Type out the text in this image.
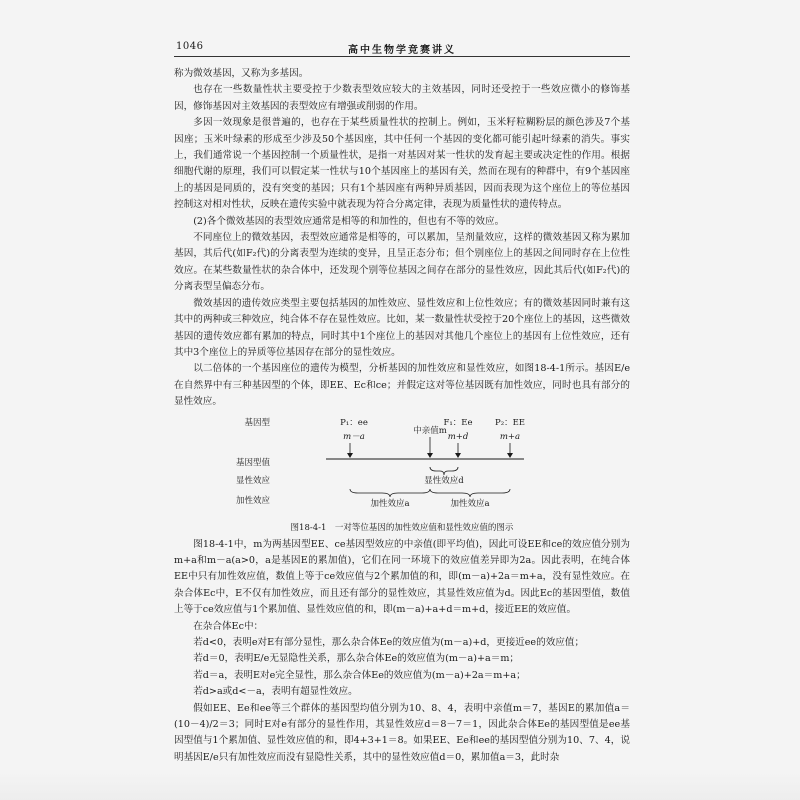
1046	高中生物学竞赛讲义

称为微效基因，又称为多基因。

也存在一些数量性状主要受控于少数表型效应较大的主效基因，同时还受控于一些效应微小的修饰基因，修饰基因对主效基因的表型效应有增强或削弱的作用。

多因一效现象是很普遍的，也存在于某些质量性状的控制上。例如，玉米籽粒糊粉层的颜色涉及7个基因座；玉米叶绿素的形成至少涉及50个基因座，其中任何一个基因的变化都可能引起叶绿素的消失。事实上，我们通常说一个基因控制一个质量性状，是指一对基因对某一性状的发育起主要或决定性的作用。根据细胞代谢的原理，我们可以假定某一性状与10个基因座上的基因有关，然而在现有的种群中，有9个基因座上的基因是同质的，没有突变的基因；只有1个基因座有两种异质基因，因而表现为这个座位上的等位基因控制这对相对性状，反映在遗传实验中就表现为符合分离定律，表现为质量性状的遗传特点。

(2)各个微效基因的表型效应通常是相等的和加性的，但也有不等的效应。

不同座位上的微效基因，表型效应通常是相等的，可以累加，呈剂量效应，这样的微效基因又称为累加基因，其后代(如F₂代)的分离表型为连续的变异，且呈正态分布；但个别座位上的基因之间同时存在上位性效应。在某些数量性状的杂合体中，还发现个别等位基因之间存在部分的显性效应，因此其后代(如F₂代)的分离表型呈偏态分布。

微效基因的遗传效应类型主要包括基因的加性效应、显性效应和上位性效应；有的微效基因同时兼有这其中的两种或三种效应，纯合体不存在显性效应。比如，某一数量性状受控于20个座位上的基因，这些微效基因的遗传效应都有累加的特点，同时其中1个座位上的基因对其他几个座位上的基因有上位性效应，还有其中3个座位上的异质等位基因存在部分的显性效应。

以二倍体的一个基因座位的遗传为模型，分析基因的加性效应和显性效应，如图18-4-1所示。基因E/e在自然界中有三种基因型的个体，即EE、Ec和ce；并假定这对等位基因既有加性效应，同时也具有部分的显性效应。

基因型
基因型值
显性效应
加性效应
P₁：ee
m－a
中亲值m
F₁：Ee
m+d
P₂：EE
m+a
显性效应d
加性效应a	加性效应a
图18-4-1　一对等位基因的加性效应值和显性效应值的图示

图18-4-1中，m为两基因型EE、ce基因型效应的中亲值(即平均值)，因此可设EE和ce的效应值分别为m+a和m－a(a>0，a是基因E的累加值)，它们在同一环境下的效应值差异即为2a。因此表明，在纯合体EE中只有加性效应值，数值上等于ce效应值与2个累加值的和，即(m－a)+2a＝m+a，没有显性效应。在杂合体Ec中，E不仅有加性效应，而且还有部分的显性效应，其显性效应值为d。因此Ec的基因型值，数值上等于ce效应值与1个累加值、显性效应值的和，即(m－a)+a+d＝m+d，接近EE的效应值。

在杂合体Ec中：

若d<0，表明e对E有部分显性，那么杂合体Ee的效应值为(m－a)+d，更接近ee的效应值；

若d＝0，表明E/e无显隐性关系，那么杂合体Ee的效应值为(m－a)+a＝m；

若d＝a，表明E对e完全显性，那么杂合体Ee的效应值为(m－a)+2a＝m+a；

若d>a或d<－a，表明有超显性效应。

假如EE、Ee和ee等三个群体的基因型均值分别为10、8、4，表明中亲值m＝7，基因E的累加值a＝(10－4)/2＝3；同时E对e有部分的显性作用，其显性效应d＝8－7＝1，因此杂合体Ee的基因型值是ee基因型值与1个累加值、显性效应值的和，即4+3+1＝8。如果EE、Ee和ee的基因型值分别为10、7、4，说明基因E/e只有加性效应而没有显隐性关系，其中的显性效应值d＝0，累加值a＝3，此时杂
